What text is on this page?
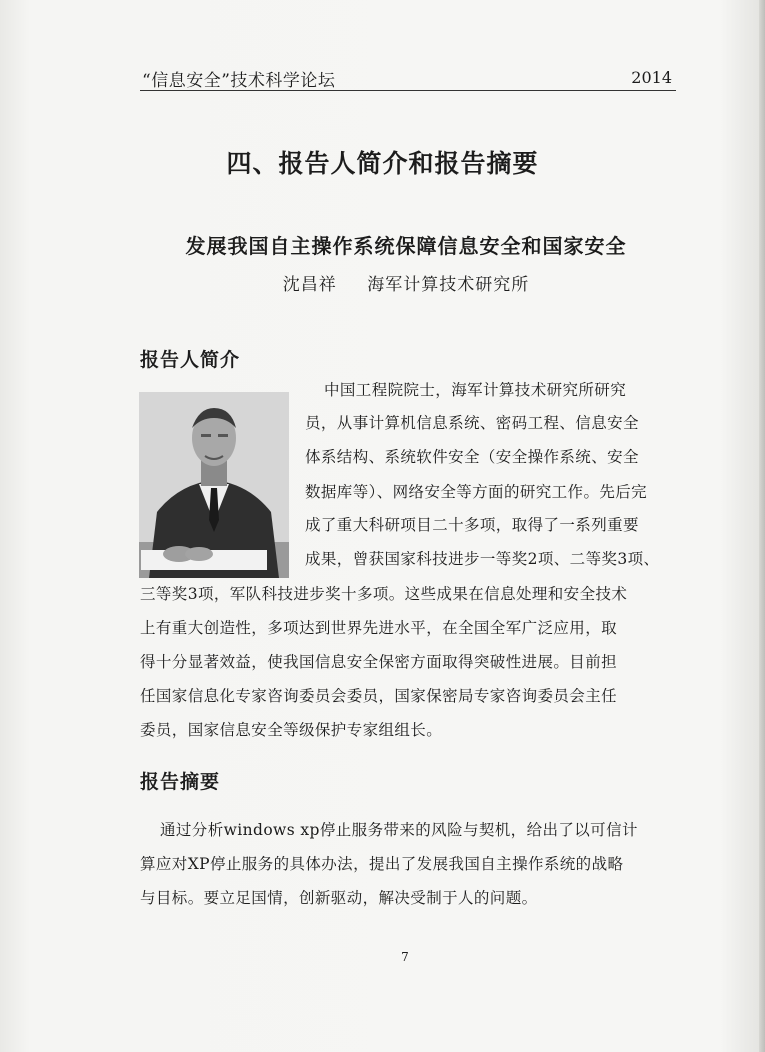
“信息安全”技术科学论坛	2014
四、报告人简介和报告摘要
发展我国自主操作系统保障信息安全和国家安全
沈昌祥 海军计算技术研究所
报告人简介
中国工程院院士，海军计算技术研究所研究
员，从事计算机信息系统、密码工程、信息安全
体系结构、系统软件安全（安全操作系统、安全
数据库等）、网络安全等方面的研究工作。先后完
成了重大科研项目二十多项，取得了一系列重要
成果，曾获国家科技进步一等奖2项、二等奖3项、
三等奖3项，军队科技进步奖十多项。这些成果在信息处理和安全技术
上有重大创造性，多项达到世界先进水平，在全国全军广泛应用，取
得十分显著效益，使我国信息安全保密方面取得突破性进展。目前担
任国家信息化专家咨询委员会委员，国家保密局专家咨询委员会主任
委员，国家信息安全等级保护专家组组长。
报告摘要
通过分析windows xp停止服务带来的风险与契机，给出了以可信计
算应对XP停止服务的具体办法，提出了发展我国自主操作系统的战略
与目标。要立足国情，创新驱动，解决受制于人的问题。
7
